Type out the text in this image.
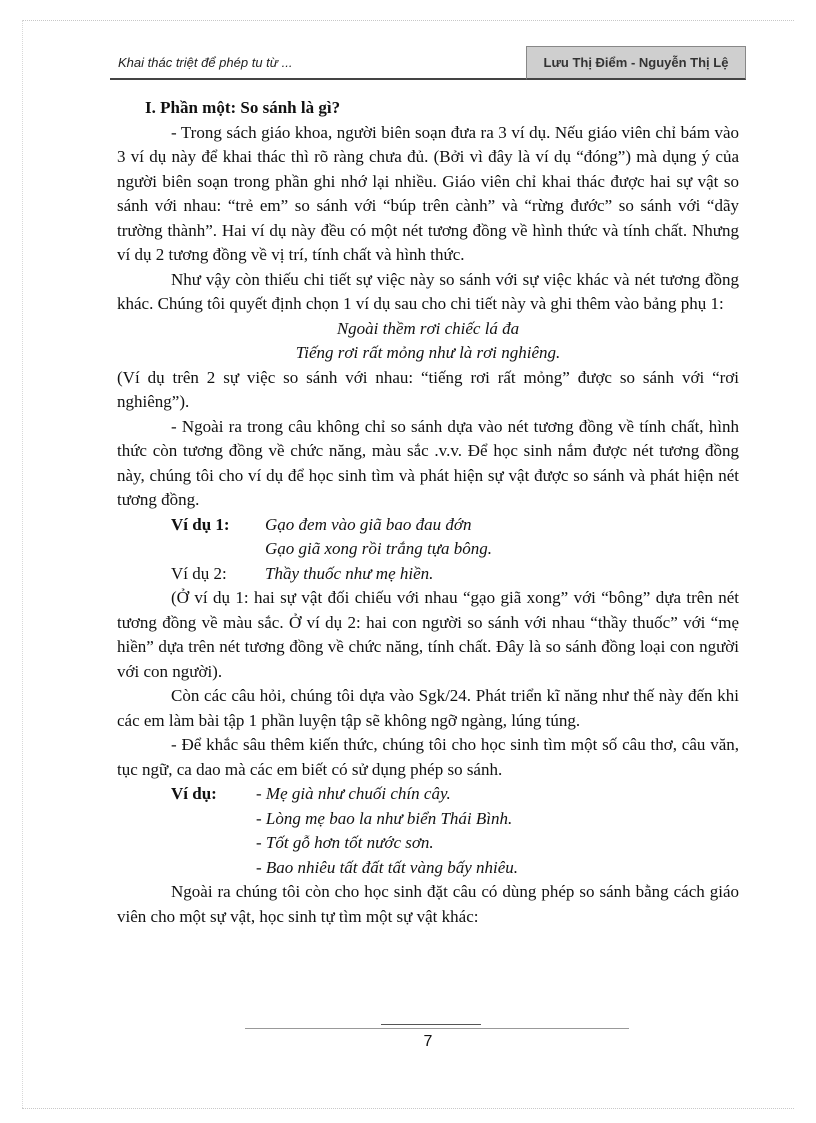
Khai thác triệt để phép tu từ ...	Lưu Thị Điểm - Nguyễn Thị Lệ

I. Phần một: So sánh là gì?

- Trong sách giáo khoa, người biên soạn đưa ra 3 ví dụ. Nếu giáo viên chỉ bám vào 3 ví dụ này để khai thác thì rõ ràng chưa đủ. (Bởi vì đây là ví dụ “đóng”) mà dụng ý của người biên soạn trong phần ghi nhớ lại nhiều. Giáo viên chỉ khai thác được hai sự vật so sánh với nhau: “trẻ em” so sánh với “búp trên cành” và “rừng đước” so sánh với “dãy trường thành”. Hai ví dụ này đều có một nét tương đồng về hình thức và tính chất. Nhưng ví dụ 2 tương đồng về vị trí, tính chất và hình thức.

Như vậy còn thiếu chi tiết sự việc này so sánh với sự việc khác và nét tương đồng khác. Chúng tôi quyết định chọn 1 ví dụ sau cho chi tiết này và ghi thêm vào bảng phụ 1:

Ngoài thềm rơi chiếc lá đa

Tiếng rơi rất mỏng như là rơi nghiêng.

(Ví dụ trên 2 sự việc so sánh với nhau: “tiếng rơi rất mỏng” được so sánh với “rơi nghiêng”).

- Ngoài ra trong câu không chỉ so sánh dựa vào nét tương đồng về tính chất, hình thức còn tương đồng về chức năng, màu sắc .v.v. Để học sinh nắm được nét tương đồng này, chúng tôi cho ví dụ để học sinh tìm và phát hiện sự vật được so sánh và phát hiện nét tương đồng.

Ví dụ 1:	Gạo đem vào giã bao đau đớn
Gạo giã xong rồi trắng tựa bông.
Ví dụ 2:	Thầy thuốc như mẹ hiền.

(Ở ví dụ 1: hai sự vật đối chiếu với nhau “gạo giã xong” với “bông” dựa trên nét tương đồng về màu sắc. Ở ví dụ 2: hai con người so sánh với nhau “thầy thuốc” với “mẹ hiền” dựa trên nét tương đồng về chức năng, tính chất. Đây là so sánh đồng loại con người với con người).

Còn các câu hỏi, chúng tôi dựa vào Sgk/24. Phát triển kĩ năng như thế này đến khi các em làm bài tập 1 phần luyện tập sẽ không ngỡ ngàng, lúng túng.

- Để khắc sâu thêm kiến thức, chúng tôi cho học sinh tìm một số câu thơ, câu văn, tục ngữ, ca dao mà các em biết có sử dụng phép so sánh.

Ví dụ:	- Mẹ già như chuối chín cây.
- Lòng mẹ bao la như biển Thái Bình.
- Tốt gỗ hơn tốt nước sơn.
- Bao nhiêu tất đất tất vàng bấy nhiêu.

Ngoài ra chúng tôi còn cho học sinh đặt câu có dùng phép so sánh bằng cách giáo viên cho một sự vật, học sinh tự tìm một sự vật khác:

7
